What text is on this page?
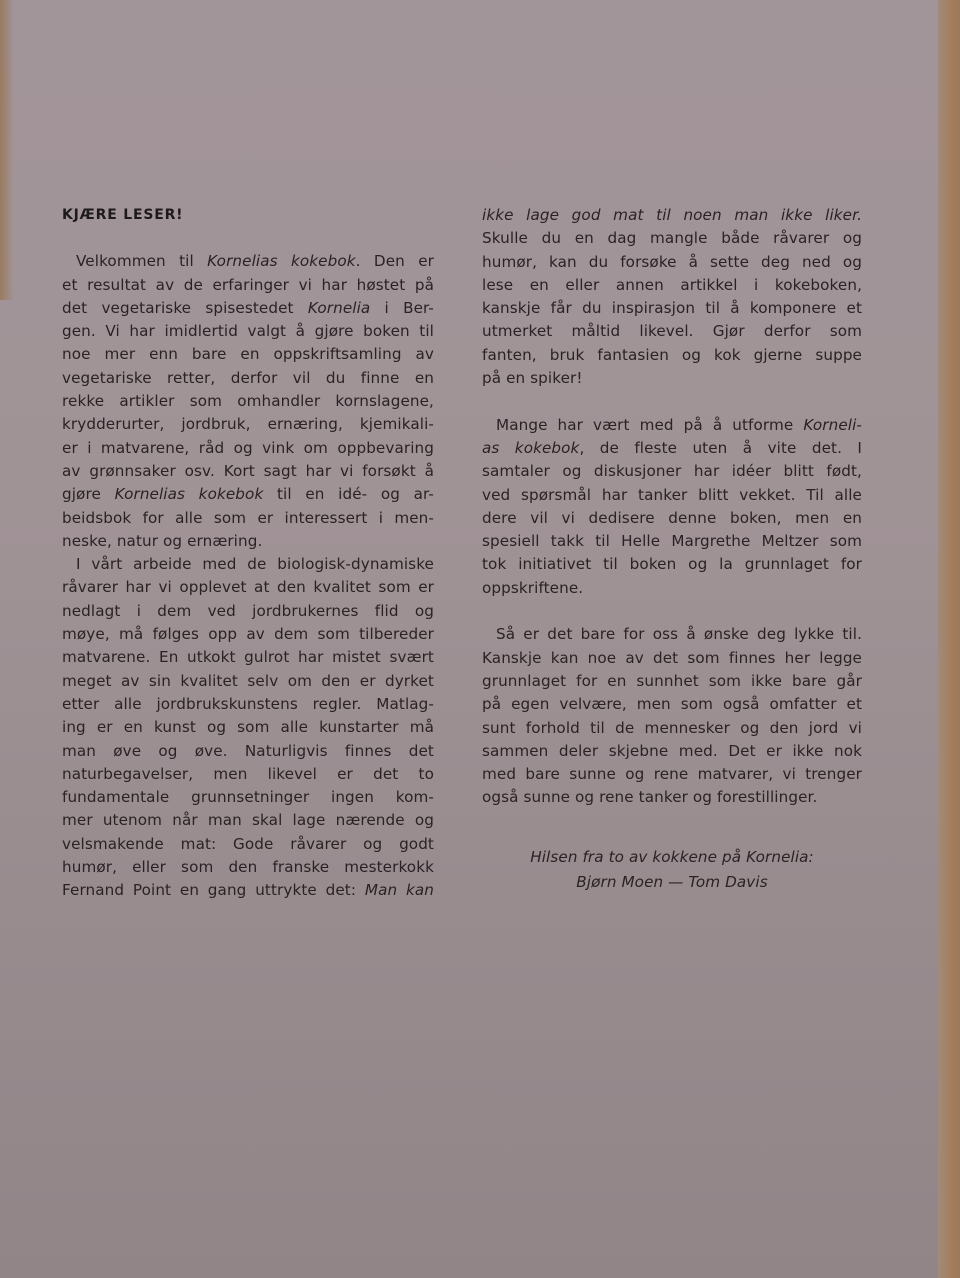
KJÆRE LESER!
Velkommen til Kornelias kokebok. Den er
et resultat av de erfaringer vi har høstet på
det vegetariske spisestedet Kornelia i Ber-
gen. Vi har imidlertid valgt å gjøre boken til
noe mer enn bare en oppskriftsamling av
vegetariske retter, derfor vil du finne en
rekke artikler som omhandler kornslagene,
krydderurter, jordbruk, ernæring, kjemikali-
er i matvarene, råd og vink om oppbevaring
av grønnsaker osv. Kort sagt har vi forsøkt å
gjøre Kornelias kokebok til en idé- og ar-
beidsbok for alle som er interessert i men-
neske, natur og ernæring.
I vårt arbeide med de biologisk-dynamiske
råvarer har vi opplevet at den kvalitet som er
nedlagt i dem ved jordbrukernes flid og
møye, må følges opp av dem som tilbereder
matvarene. En utkokt gulrot har mistet svært
meget av sin kvalitet selv om den er dyrket
etter alle jordbrukskunstens regler. Matlag-
ing er en kunst og som alle kunstarter må
man øve og øve. Naturligvis finnes det
naturbegavelser, men likevel er det to
fundamentale grunnsetninger ingen kom-
mer utenom når man skal lage nærende og
velsmakende mat: Gode råvarer og godt
humør, eller som den franske mesterkokk
Fernand Point en gang uttrykte det: Man kan
ikke lage god mat til noen man ikke liker.
Skulle du en dag mangle både råvarer og
humør, kan du forsøke å sette deg ned og
lese en eller annen artikkel i kokeboken,
kanskje får du inspirasjon til å komponere et
utmerket måltid likevel. Gjør derfor som
fanten, bruk fantasien og kok gjerne suppe
på en spiker!
Mange har vært med på å utforme Korneli-
as kokebok, de fleste uten å vite det. I
samtaler og diskusjoner har idéer blitt født,
ved spørsmål har tanker blitt vekket. Til alle
dere vil vi dedisere denne boken, men en
spesiell takk til Helle Margrethe Meltzer som
tok initiativet til boken og la grunnlaget for
oppskriftene.
Så er det bare for oss å ønske deg lykke til.
Kanskje kan noe av det som finnes her legge
grunnlaget for en sunnhet som ikke bare går
på egen velvære, men som også omfatter et
sunt forhold til de mennesker og den jord vi
sammen deler skjebne med. Det er ikke nok
med bare sunne og rene matvarer, vi trenger
også sunne og rene tanker og forestillinger.
Hilsen fra to av kokkene på Kornelia:
Bjørn Moen — Tom Davis
